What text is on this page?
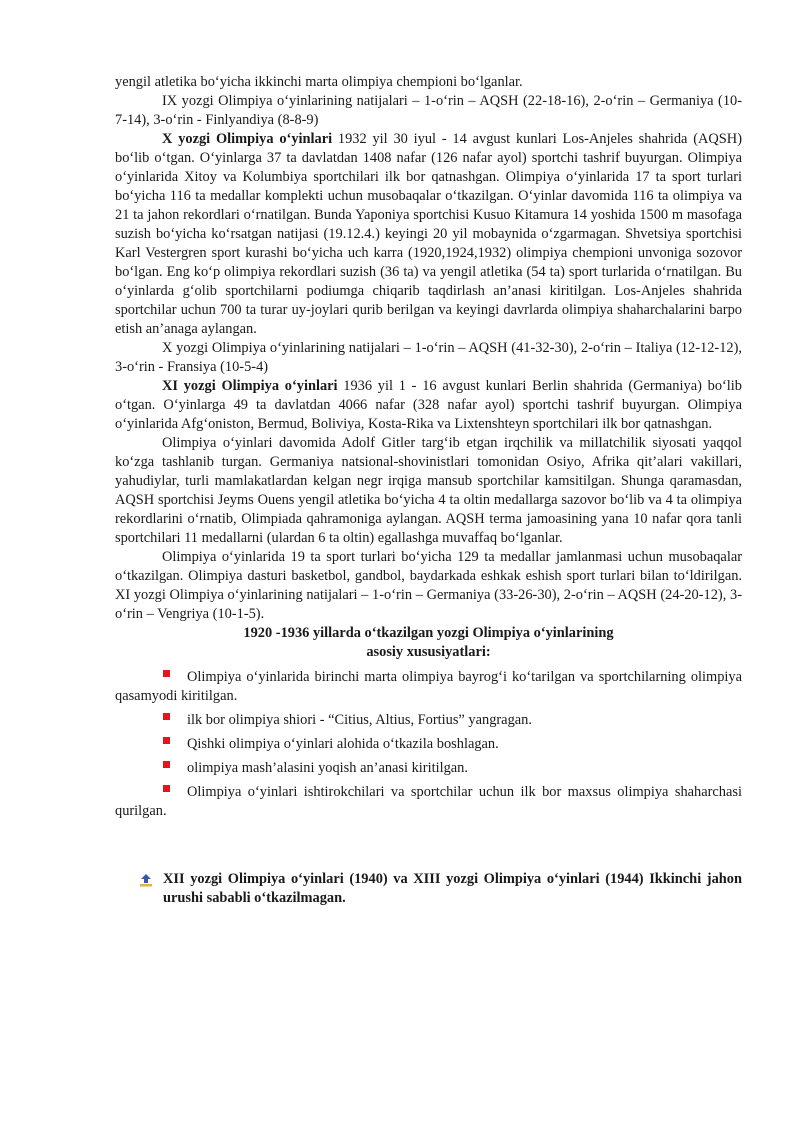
yengil atletika bo‘yicha ikkinchi marta olimpiya chempioni bo‘lganlar.

IX yozgi Olimpiya o‘yinlarining natijalari – 1-o‘rin – AQSH (22-18-16), 2-o‘rin – Germaniya (10-7-14), 3-o‘rin - Finlyandiya (8-8-9)

X yozgi Olimpiya o‘yinlari 1932 yil 30 iyul - 14 avgust kunlari Los-Anjeles shahrida (AQSH) bo‘lib o‘tgan. O‘yinlarga 37 ta davlatdan 1408 nafar (126 nafar ayol) sportchi tashrif buyurgan. Olimpiya o‘yinlarida Xitoy va Kolumbiya sportchilari ilk bor qatnashgan. Olimpiya o‘yinlarida 17 ta sport turlari bo‘yicha 116 ta medallar komplekti uchun musobaqalar o‘tkazilgan. O‘yinlar davomida 116 ta olimpiya va 21 ta jahon rekordlari o‘rnatilgan. Bunda Yaponiya sportchisi Kusuo Kitamura 14 yoshida 1500 m masofaga suzish bo‘yicha ko‘rsatgan natijasi (19.12.4.) keyingi 20 yil mobaynida o‘zgarmagan. Shvetsiya sportchisi Karl Vestergren sport kurashi bo‘yicha uch karra (1920,1924,1932) olimpiya chempioni unvoniga sozovor bo‘lgan. Eng ko‘p olimpiya rekordlari suzish (36 ta) va yengil atletika (54 ta) sport turlarida o‘rnatilgan. Bu o‘yinlarda g‘olib sportchilarni podiumga chiqarib taqdirlash an’anasi kiritilgan. Los-Anjeles shahrida sportchilar uchun 700 ta turar uy-joylari qurib berilgan va keyingi davrlarda olimpiya shaharchalarini barpo etish an’anaga aylangan.

X yozgi Olimpiya o‘yinlarining natijalari – 1-o‘rin – AQSH (41-32-30), 2-o‘rin – Italiya (12-12-12), 3-o‘rin - Fransiya (10-5-4)

XI yozgi Olimpiya o‘yinlari 1936 yil 1 - 16 avgust kunlari Berlin shahrida (Germaniya) bo‘lib o‘tgan. O‘yinlarga 49 ta davlatdan 4066 nafar (328 nafar ayol) sportchi tashrif buyurgan. Olimpiya o‘yinlarida Afg‘oniston, Bermud, Boliviya, Kosta-Rika va Lixtenshteyn sportchilari ilk bor qatnashgan.

Olimpiya o‘yinlari davomida Adolf Gitler targ‘ib etgan irqchilik va millatchilik siyosati yaqqol ko‘zga tashlanib turgan. Germaniya natsional-shovinistlari tomonidan Osiyo, Afrika qit’alari vakillari, yahudiylar, turli mamlakatlardan kelgan negr irqiga mansub sportchilar kamsitilgan. Shunga qaramasdan, AQSH sportchisi Jeyms Ouens yengil atletika bo‘yicha 4 ta oltin medallarga sazovor bo‘lib va 4 ta olimpiya rekordlarini o‘rnatib, Olimpiada qahramoniga aylangan. AQSH terma jamoasining yana 10 nafar qora tanli sportchilari 11 medallarni (ulardan 6 ta oltin) egallashga muvaffaq bo‘lganlar.

Olimpiya o‘yinlarida 19 ta sport turlari bo‘yicha 129 ta medallar jamlanmasi uchun musobaqalar o‘tkazilgan. Olimpiya dasturi basketbol, gandbol, baydarkada eshkak eshish sport turlari bilan to‘ldirilgan. XI yozgi Olimpiya o‘yinlarining natijalari – 1-o‘rin – Germaniya (33-26-30), 2-o‘rin – AQSH (24-20-12), 3-o‘rin – Vengriya (10-1-5).

1920 -1936 yillarda o‘tkazilgan yozgi Olimpiya o‘yinlarining

asosiy xususiyatlari:

Olimpiya o‘yinlarida birinchi marta olimpiya bayrog‘i ko‘tarilgan va sportchilarning olimpiya qasamyodi kiritilgan.
ilk bor olimpiya shiori - “Citius, Altius, Fortius” yangragan.
Qishki olimpiya o‘yinlari alohida o‘tkazila boshlagan.
olimpiya mash’alasini yoqish an’anasi kiritilgan.
Olimpiya o‘yinlari ishtirokchilari va sportchilar uchun ilk bor maxsus olimpiya shaharchasi qurilgan.
XII yozgi Olimpiya o‘yinlari (1940) va XIII yozgi Olimpiya o‘yinlari (1944) Ikkinchi jahon urushi sababli o‘tkazilmagan.
